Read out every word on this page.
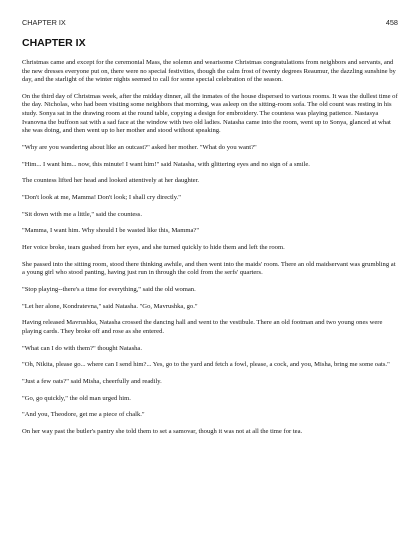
CHAPTER IX	458
CHAPTER IX

Christmas came and except for the ceremonial Mass, the solemn and wearisome Christmas congratulations from neighbors and servants, and the new dresses everyone put on, there were no special festivities, though the calm frost of twenty degrees Reaumur, the dazzling sunshine by day, and the starlight of the winter nights seemed to call for some special celebration of the season.

On the third day of Christmas week, after the midday dinner, all the inmates of the house dispersed to various rooms. It was the dullest time of the day. Nicholas, who had been visiting some neighbors that morning, was asleep on the sitting-room sofa. The old count was resting in his study. Sonya sat in the drawing room at the round table, copying a design for embroidery. The countess was playing patience. Nastasya Ivanovna the buffoon sat with a sad face at the window with two old ladies. Natasha came into the room, went up to Sonya, glanced at what she was doing, and then went up to her mother and stood without speaking.

"Why are you wandering about like an outcast?" asked her mother. "What do you want?"

"Him... I want him... now, this minute! I want him!" said Natasha, with glittering eyes and no sign of a smile.

The countess lifted her head and looked attentively at her daughter.

"Don't look at me, Mamma! Don't look; I shall cry directly."

"Sit down with me a little," said the countess.

"Mamma, I want him. Why should I be wasted like this, Mamma?"

Her voice broke, tears gushed from her eyes, and she turned quickly to hide them and left the room.

She passed into the sitting room, stood there thinking awhile, and then went into the maids' room. There an old maidservant was grumbling at a young girl who stood panting, having just run in through the cold from the serfs' quarters.

"Stop playing--there's a time for everything," said the old woman.

"Let her alone, Kondratevna," said Natasha. "Go, Mavrushka, go."

Having released Mavrushka, Natasha crossed the dancing hall and went to the vestibule. There an old footman and two young ones were playing cards. They broke off and rose as she entered.

"What can I do with them?" thought Natasha.

"Oh, Nikita, please go... where can I send him?... Yes, go to the yard and fetch a fowl, please, a cock, and you, Misha, bring me some oats."

"Just a few oats?" said Misha, cheerfully and readily.

"Go, go quickly," the old man urged him.

"And you, Theodore, get me a piece of chalk."

On her way past the butler's pantry she told them to set a samovar, though it was not at all the time for tea.
